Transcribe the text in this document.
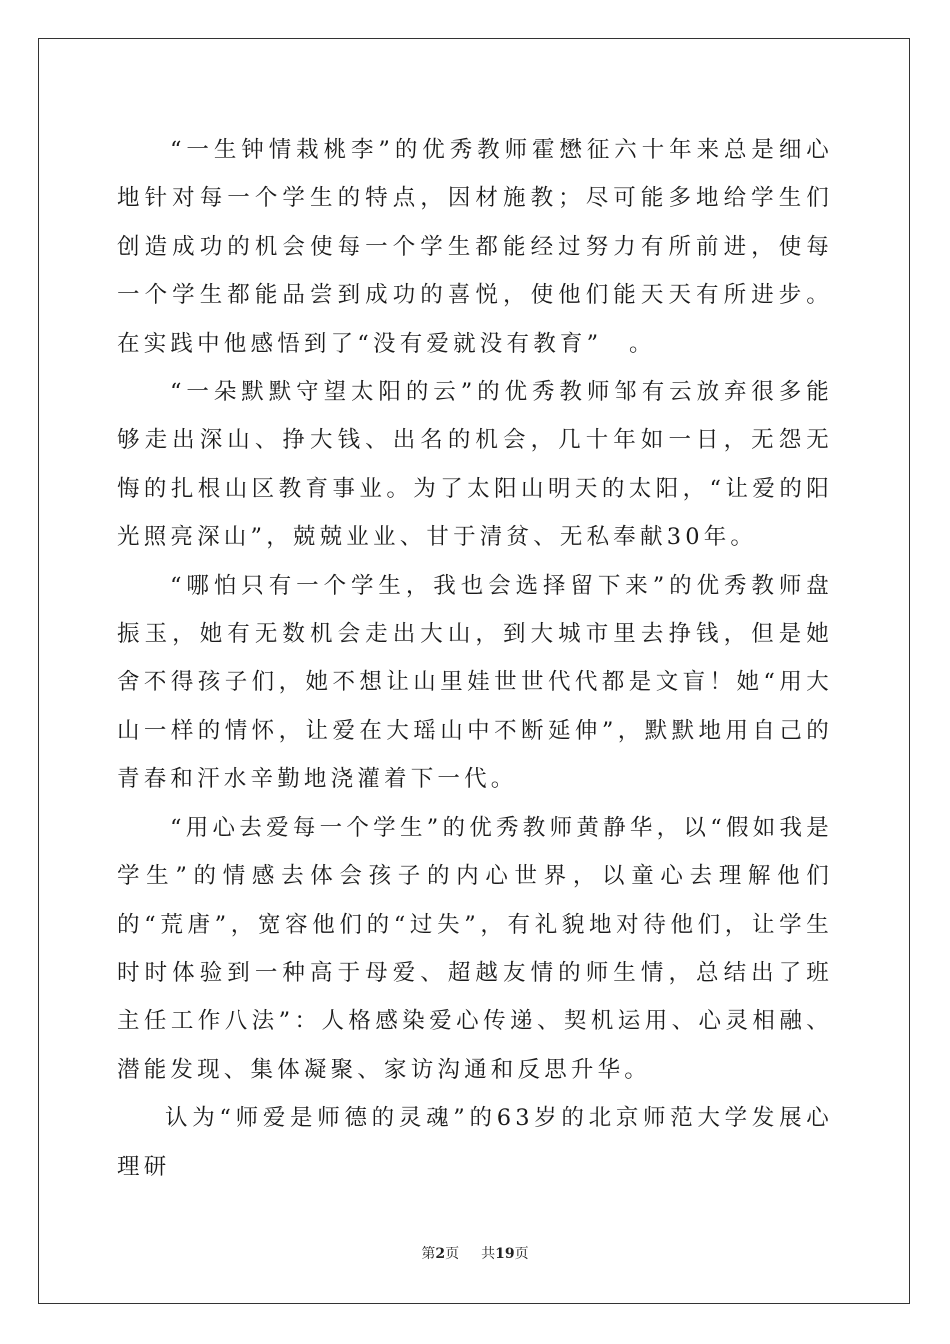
“一生钟情栽桃李”的优秀教师霍懋征六十年来总是细心地针对每一个学生的特点，因材施教；尽可能多地给学生们创造成功的机会使每一个学生都能经过努力有所前进，使每一个学生都能品尝到成功的喜悦，使他们能天天有所进步。在实践中他感悟到了“没有爱就没有教育”　。

“一朵默默守望太阳的云”的优秀教师邹有云放弃很多能够走出深山、挣大钱、出名的机会，几十年如一日，无怨无悔的扎根山区教育事业。为了太阳山明天的太阳，“让爱的阳光照亮深山”，兢兢业业、甘于清贫、无私奉献30年。

“哪怕只有一个学生，我也会选择留下来”的优秀教师盘振玉，她有无数机会走出大山，到大城市里去挣钱，但是她舍不得孩子们，她不想让山里娃世世代代都是文盲！她“用大山一样的情怀，让爱在大瑶山中不断延伸”，默默地用自己的青春和汗水辛勤地浇灌着下一代。

“用心去爱每一个学生”的优秀教师黄静华，以“假如我是学生”的情感去体会孩子的内心世界，以童心去理解他们的“荒唐”，宽容他们的“过失”，有礼貌地对待他们，让学生时时体验到一种高于母爱、超越友情的师生情，总结出了班主任工作八法”：人格感染爱心传递、契机运用、心灵相融、潜能发现、集体凝聚、家访沟通和反思升华。

认为“师爱是师德的灵魂”的63岁的北京师范大学发展心理研

第2页 共19页
